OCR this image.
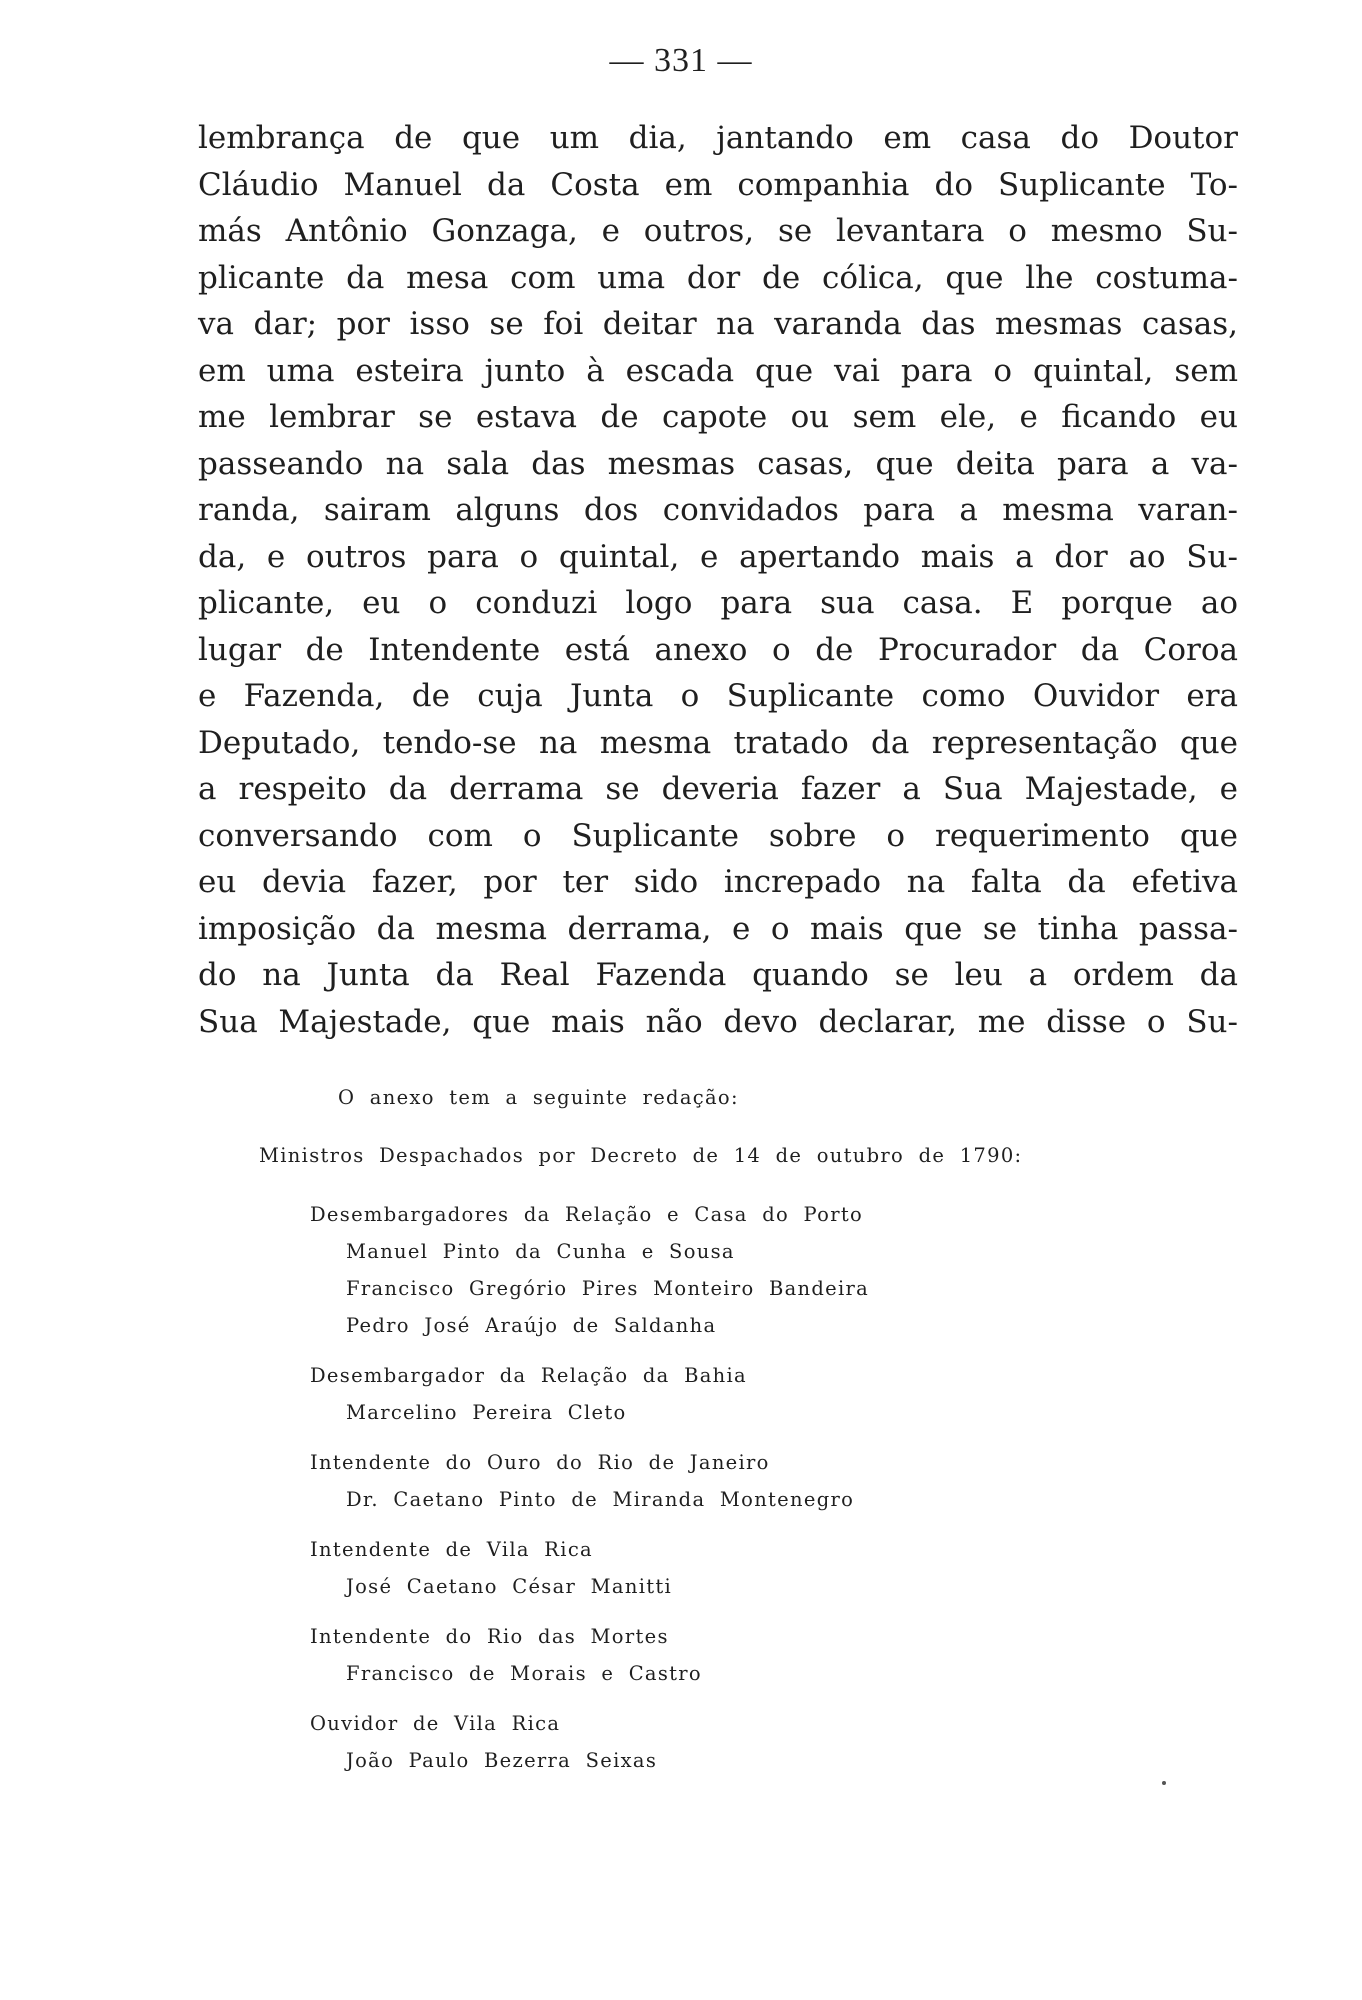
— 331 —
lembrança de que um dia, jantando em casa do Doutor
Cláudio Manuel da Costa em companhia do Suplicante To-
más Antônio Gonzaga, e outros, se levantara o mesmo Su-
plicante da mesa com uma dor de cólica, que lhe costuma-
va dar; por isso se foi deitar na varanda das mesmas casas,
em uma esteira junto à escada que vai para o quintal, sem
me lembrar se estava de capote ou sem ele, e ficando eu
passeando na sala das mesmas casas, que deita para a va-
randa, sairam alguns dos convidados para a mesma varan-
da, e outros para o quintal, e apertando mais a dor ao Su-
plicante, eu o conduzi logo para sua casa. E porque ao
lugar de Intendente está anexo o de Procurador da Coroa
e Fazenda, de cuja Junta o Suplicante como Ouvidor era
Deputado, tendo-se na mesma tratado da representação que
a respeito da derrama se deveria fazer a Sua Majestade, e
conversando com o Suplicante sobre o requerimento que
eu devia fazer, por ter sido increpado na falta da efetiva
imposição da mesma derrama, e o mais que se tinha passa-
do na Junta da Real Fazenda quando se leu a ordem da
Sua Majestade, que mais não devo declarar, me disse o Su-
O anexo tem a seguinte redação:
Ministros Despachados por Decreto de 14 de outubro de 1790:
Desembargadores da Relação e Casa do Porto
Manuel Pinto da Cunha e Sousa
Francisco Gregório Pires Monteiro Bandeira
Pedro José Araújo de Saldanha
Desembargador da Relação da Bahia
Marcelino Pereira Cleto
Intendente do Ouro do Rio de Janeiro
Dr. Caetano Pinto de Miranda Montenegro
Intendente de Vila Rica
José Caetano César Manitti
Intendente do Rio das Mortes
Francisco de Morais e Castro
Ouvidor de Vila Rica
João Paulo Bezerra Seixas
